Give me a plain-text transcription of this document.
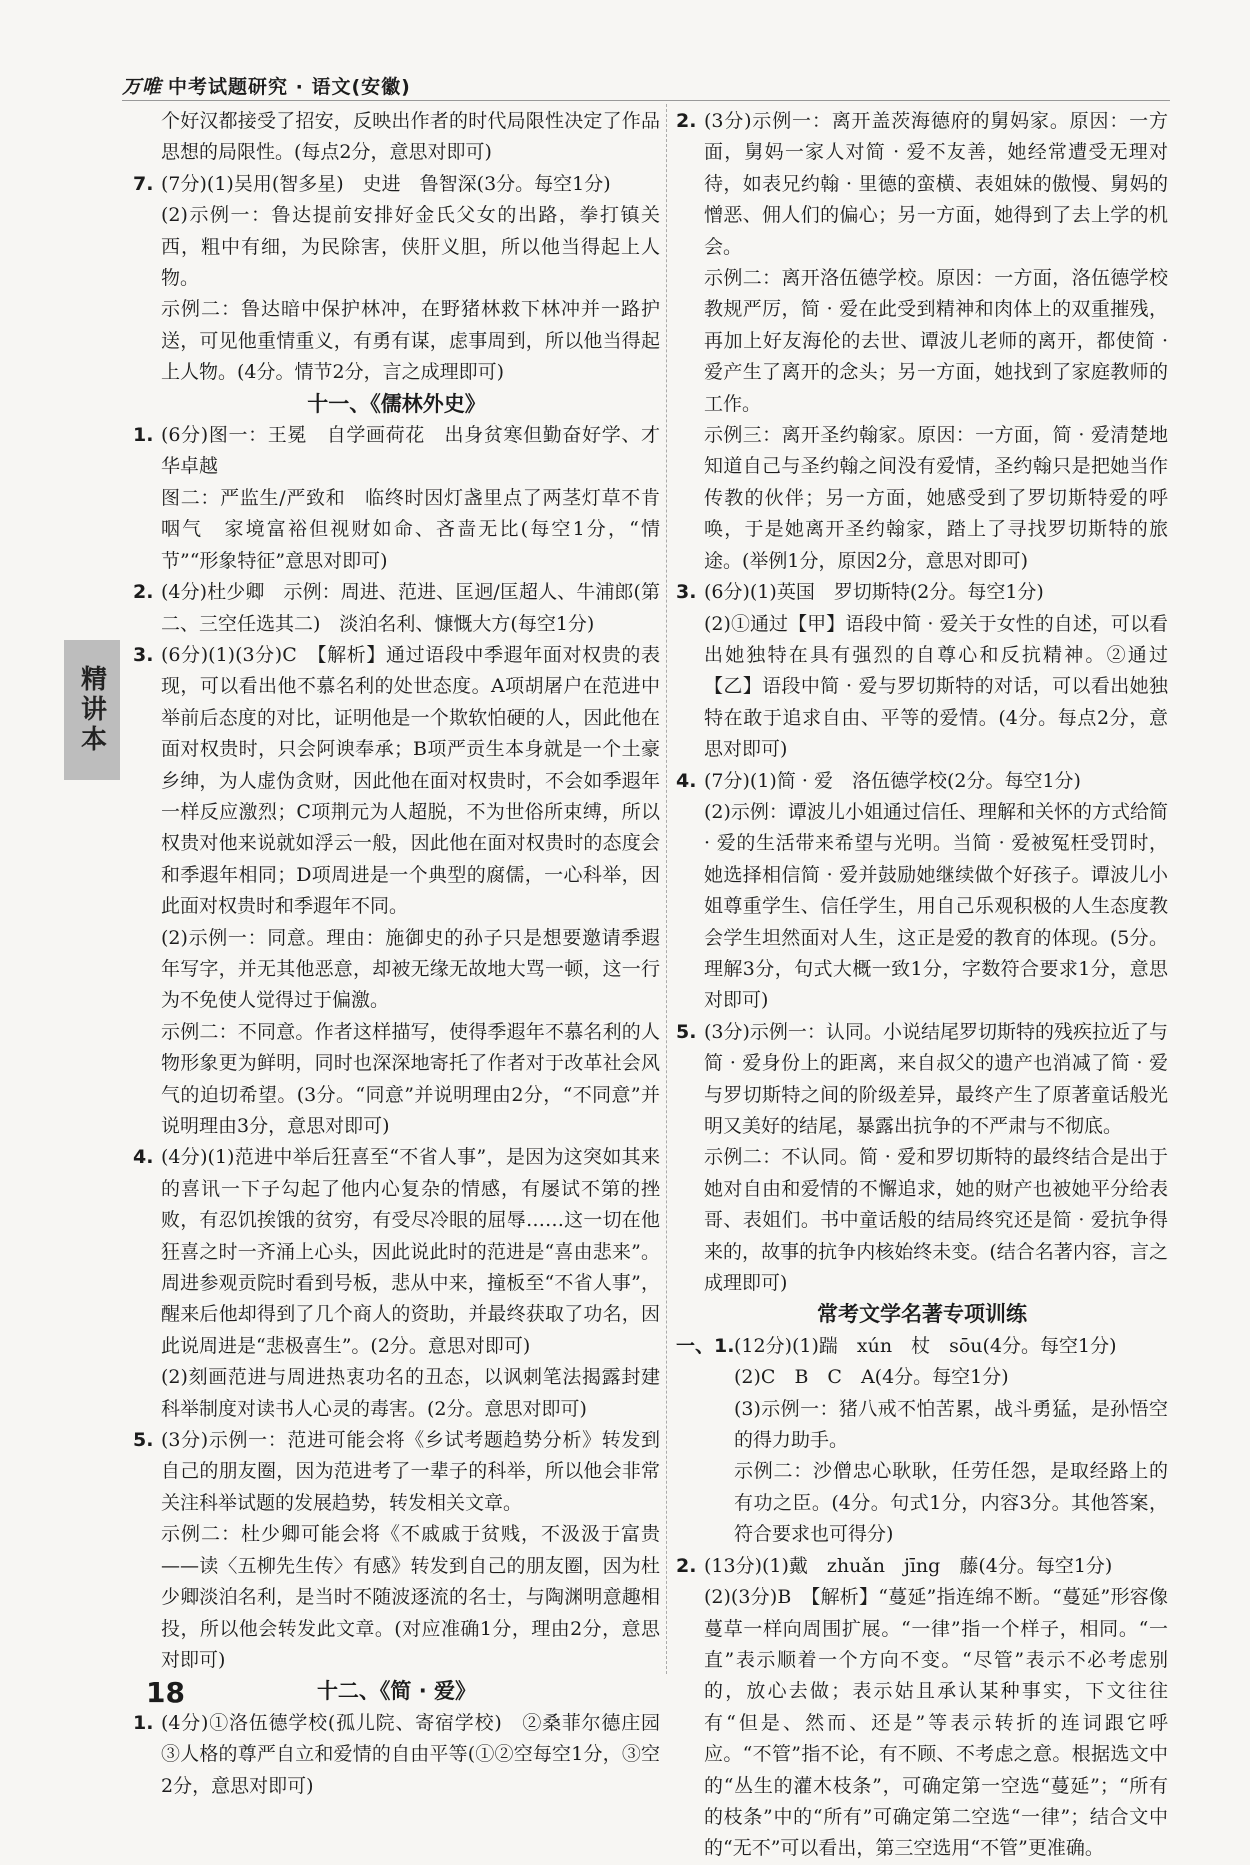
万唯 中考试题研究 · 语文(安徽)
精讲本

个好汉都接受了招安，反映出作者的时代局限性决定了作品思想的局限性。(每点2分，意思对即可)

7. (7分)(1)吴用(智多星)　史进　鲁智深(3分。每空1分)

(2)示例一：鲁达提前安排好金氏父女的出路，拳打镇关西，粗中有细，为民除害，侠肝义胆，所以他当得起上人物。

示例二：鲁达暗中保护林冲，在野猪林救下林冲并一路护送，可见他重情重义，有勇有谋，虑事周到，所以他当得起上人物。(4分。情节2分，言之成理即可)

十一、《儒林外史》

1. (6分)图一：王冕　自学画荷花　出身贫寒但勤奋好学、才华卓越

图二：严监生/严致和　临终时因灯盏里点了两茎灯草不肯咽气　家境富裕但视财如命、吝啬无比(每空1分，“情节”“形象特征”意思对即可)

2. (4分)杜少卿　示例：周进、范进、匡迥/匡超人、牛浦郎(第二、三空任选其二)　淡泊名利、慷慨大方(每空1分)

3. (6分)(1)(3分)C　【解析】通过语段中季遐年面对权贵的表现，可以看出他不慕名利的处世态度。A项胡屠户在范进中举前后态度的对比，证明他是一个欺软怕硬的人，因此他在面对权贵时，只会阿谀奉承；B项严贡生本身就是一个土豪乡绅，为人虚伪贪财，因此他在面对权贵时，不会如季遐年一样反应激烈；C项荆元为人超脱，不为世俗所束缚，所以权贵对他来说就如浮云一般，因此他在面对权贵时的态度会和季遐年相同；D项周进是一个典型的腐儒，一心科举，因此面对权贵时和季遐年不同。

(2)示例一：同意。理由：施御史的孙子只是想要邀请季遐年写字，并无其他恶意，却被无缘无故地大骂一顿，这一行为不免使人觉得过于偏激。

示例二：不同意。作者这样描写，使得季遐年不慕名利的人物形象更为鲜明，同时也深深地寄托了作者对于改革社会风气的迫切希望。(3分。“同意”并说明理由2分，“不同意”并说明理由3分，意思对即可)

4. (4分)(1)范进中举后狂喜至“不省人事”，是因为这突如其来的喜讯一下子勾起了他内心复杂的情感，有屡试不第的挫败，有忍饥挨饿的贫穷，有受尽冷眼的屈辱……这一切在他狂喜之时一齐涌上心头，因此说此时的范进是“喜由悲来”。周进参观贡院时看到号板，悲从中来，撞板至“不省人事”，醒来后他却得到了几个商人的资助，并最终获取了功名，因此说周进是“悲极喜生”。(2分。意思对即可)

(2)刻画范进与周进热衷功名的丑态，以讽刺笔法揭露封建科举制度对读书人心灵的毒害。(2分。意思对即可)

5. (3分)示例一：范进可能会将《乡试考题趋势分析》转发到自己的朋友圈，因为范进考了一辈子的科举，所以他会非常关注科举试题的发展趋势，转发相关文章。

示例二：杜少卿可能会将《不戚戚于贫贱，不汲汲于富贵——读〈五柳先生传〉有感》转发到自己的朋友圈，因为杜少卿淡泊名利，是当时不随波逐流的名士，与陶渊明意趣相投，所以他会转发此文章。(对应准确1分，理由2分，意思对即可)

十二、《简 · 爱》

1. (4分)①洛伍德学校(孤儿院、寄宿学校)　②桑菲尔德庄园　③人格的尊严自立和爱情的自由平等(①②空每空1分，③空2分，意思对即可)

2. (3分)示例一：离开盖茨海德府的舅妈家。原因：一方面，舅妈一家人对简 · 爱不友善，她经常遭受无理对待，如表兄约翰 · 里德的蛮横、表姐妹的傲慢、舅妈的憎恶、佣人们的偏心；另一方面，她得到了去上学的机会。

示例二：离开洛伍德学校。原因：一方面，洛伍德学校教规严厉，简 · 爱在此受到精神和肉体上的双重摧残，再加上好友海伦的去世、谭波儿老师的离开，都使简 · 爱产生了离开的念头；另一方面，她找到了家庭教师的工作。

示例三：离开圣约翰家。原因：一方面，简 · 爱清楚地知道自己与圣约翰之间没有爱情，圣约翰只是把她当作传教的伙伴；另一方面，她感受到了罗切斯特爱的呼唤，于是她离开圣约翰家，踏上了寻找罗切斯特的旅途。(举例1分，原因2分，意思对即可)

3. (6分)(1)英国　罗切斯特(2分。每空1分)

(2)①通过【甲】语段中简 · 爱关于女性的自述，可以看出她独特在具有强烈的自尊心和反抗精神。②通过【乙】语段中简 · 爱与罗切斯特的对话，可以看出她独特在敢于追求自由、平等的爱情。(4分。每点2分，意思对即可)

4. (7分)(1)简 · 爱　洛伍德学校(2分。每空1分)

(2)示例：谭波儿小姐通过信任、理解和关怀的方式给简 · 爱的生活带来希望与光明。当简 · 爱被冤枉受罚时，她选择相信简 · 爱并鼓励她继续做个好孩子。谭波儿小姐尊重学生、信任学生，用自己乐观积极的人生态度教会学生坦然面对人生，这正是爱的教育的体现。(5分。理解3分，句式大概一致1分，字数符合要求1分，意思对即可)

5. (3分)示例一：认同。小说结尾罗切斯特的残疾拉近了与简 · 爱身份上的距离，来自叔父的遗产也消减了简 · 爱与罗切斯特之间的阶级差异，最终产生了原著童话般光明又美好的结尾，暴露出抗争的不严肃与不彻底。

示例二：不认同。简 · 爱和罗切斯特的最终结合是出于她对自由和爱情的不懈追求，她的财产也被她平分给表哥、表姐们。书中童话般的结局终究还是简 · 爱抗争得来的，故事的抗争内核始终未变。(结合名著内容，言之成理即可)

常考文学名著专项训练

一、1. (12分)(1)踹　xún　杖　sōu(4分。每空1分)

(2)C　B　C　A(4分。每空1分)

(3)示例一：猪八戒不怕苦累，战斗勇猛，是孙悟空的得力助手。

示例二：沙僧忠心耿耿，任劳任怨，是取经路上的有功之臣。(4分。句式1分，内容3分。其他答案，符合要求也可得分)

2. (13分)(1)戴　zhuǎn　jīng　藤(4分。每空1分)

(2)(3分)B　【解析】“蔓延”指连绵不断。“蔓延”形容像蔓草一样向周围扩展。“一律”指一个样子，相同。“一直”表示顺着一个方向不变。“尽管”表示不必考虑别的，放心去做；表示姑且承认某种事实，下文往往有“但是、然而、还是”等表示转折的连词跟它呼应。“不管”指不论，有不顾、不考虑之意。根据选文中的“丛生的灌木枝条”，可确定第一空选“蔓延”；“所有的枝条”中的“所有”可确定第二空选“一律”；结合文中的“无不”可以看出，第三空选用“不管”更准确。

18
